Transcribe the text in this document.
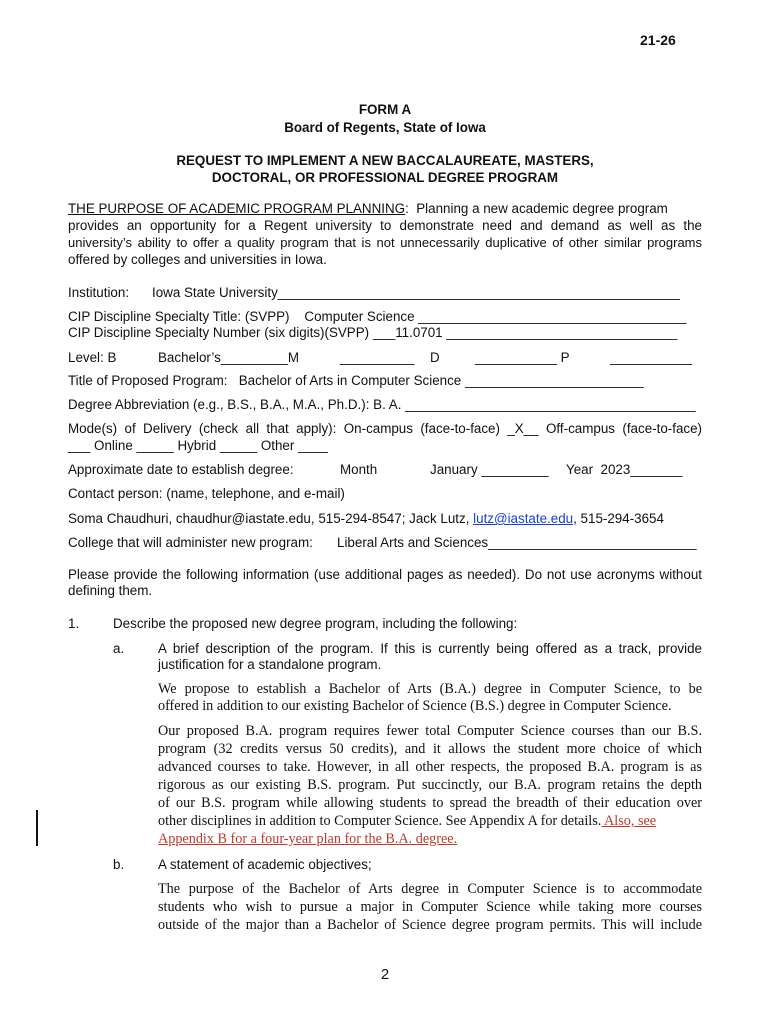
21-26
FORM A
Board of Regents, State of Iowa
REQUEST TO IMPLEMENT A NEW BACCALAUREATE, MASTERS,
DOCTORAL, OR PROFESSIONAL DEGREE PROGRAM
THE PURPOSE OF ACADEMIC PROGRAM PLANNING:  Planning a new academic degree program
provides an opportunity for a Regent university to demonstrate need and demand as well as the
university’s ability to offer a quality program that is not unnecessarily duplicative of other similar programs
offered by colleges and universities in Iowa.
Institution: Iowa State University______________________________________________________
CIP Discipline Specialty Title: (SVPP) Computer Science ____________________________________
CIP Discipline Specialty Number (six digits)(SVPP) ___11.0701 _______________________________
Level: B	Bachelor’s_________M	__________ D	___________ P	___________
Title of Proposed Program: Bachelor of Arts in Computer Science ________________________
Degree Abbreviation (e.g., B.S., B.A., M.A., Ph.D.): B. A. _______________________________________
Mode(s) of Delivery (check all that apply): On-campus (face-to-face) _X__ Off-campus (face-to-face)
___ Online _____ Hybrid _____ Other ____
Approximate date to establish degree:	Month	January _________ Year 2023_______
Contact person: (name, telephone, and e-mail)
Soma Chaudhuri, chaudhur@iastate.edu, 515-294-8547; Jack Lutz, lutz@iastate.edu, 515-294-3654
College that will administer new program: Liberal Arts and Sciences____________________________
Please provide the following information (use additional pages as needed). Do not use acronyms without
defining them.
1.	Describe the proposed new degree program, including the following:
a.	A brief description of the program. If this is currently being offered as a track, provide
justification for a standalone program.
We propose to establish a Bachelor of Arts (B.A.) degree in Computer Science, to be
offered in addition to our existing Bachelor of Science (B.S.) degree in Computer Science.
Our proposed B.A. program requires fewer total Computer Science courses than our B.S.
program (32 credits versus 50 credits), and it allows the student more choice of which
advanced courses to take. However, in all other respects, the proposed B.A. program is as
rigorous as our existing B.S. program. Put succinctly, our B.A. program retains the depth
of our B.S. program while allowing students to spread the breadth of their education over
other disciplines in addition to Computer Science. See Appendix A for details. Also, see
Appendix B for a four-year plan for the B.A. degree.
b.	A statement of academic objectives;
The purpose of the Bachelor of Arts degree in Computer Science is to accommodate
students who wish to pursue a major in Computer Science while taking more courses
outside of the major than a Bachelor of Science degree program permits. This will include
2
